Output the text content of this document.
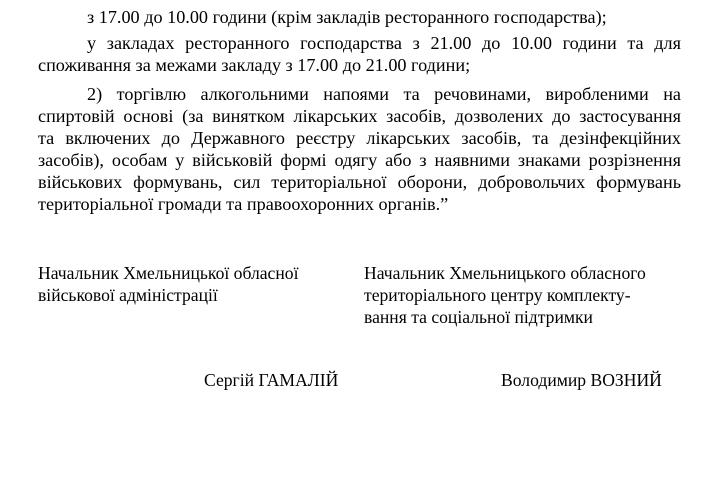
з 17.00 до 10.00 години (крім закладів ресторанного господарства);
у закладах ресторанного господарства з 21.00 до 10.00 години та для
споживання за межами закладу з 17.00 до 21.00 години;
2) торгівлю алкогольними напоями та речовинами, виробленими на
спиртовій основі (за винятком лікарських засобів, дозволених до застосування
та включених до Державного реєстру лікарських засобів, та дезінфекційних
засобів), особам у військовій формі одягу або з наявними знаками розрізнення
військових формувань, сил територіальної оборони, добровольчих формувань
територіальної громади та правоохоронних органів.”
Начальник Хмельницької обласної
військової адміністрації
Сергій ГАМАЛІЙ
Начальник Хмельницького обласного
територіального центру комплекту-
вання та соціальної підтримки
Володимир ВОЗНИЙ
